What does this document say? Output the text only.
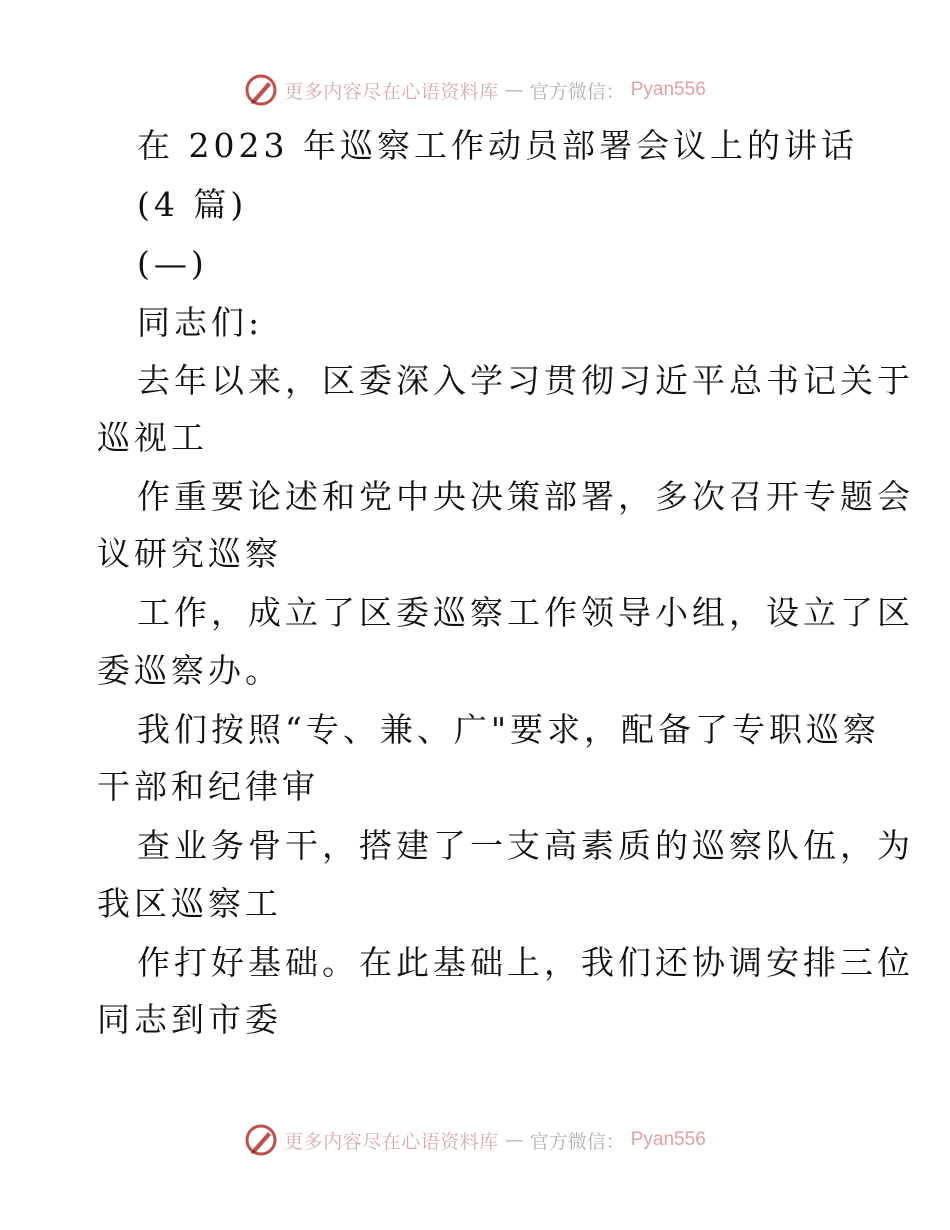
更多内容尽在心语资料库 — 官方微信： Pyan556
在 2023 年巡察工作动员部署会议上的讲话
(4 篇)
(—)
同志们:
去年以来，区委深入学习贯彻习近平总书记关于
巡视工
作重要论述和党中央决策部署，多次召开专题会
议研究巡察
工作，成立了区委巡察工作领导小组，设立了区
委巡察办。
我们按照“专、兼、广"要求，配备了专职巡察
干部和纪律审
查业务骨干，搭建了一支高素质的巡察队伍，为
我区巡察工
作打好基础。在此基础上，我们还协调安排三位
同志到市委
更多内容尽在心语资料库 — 官方微信： Pyan556
